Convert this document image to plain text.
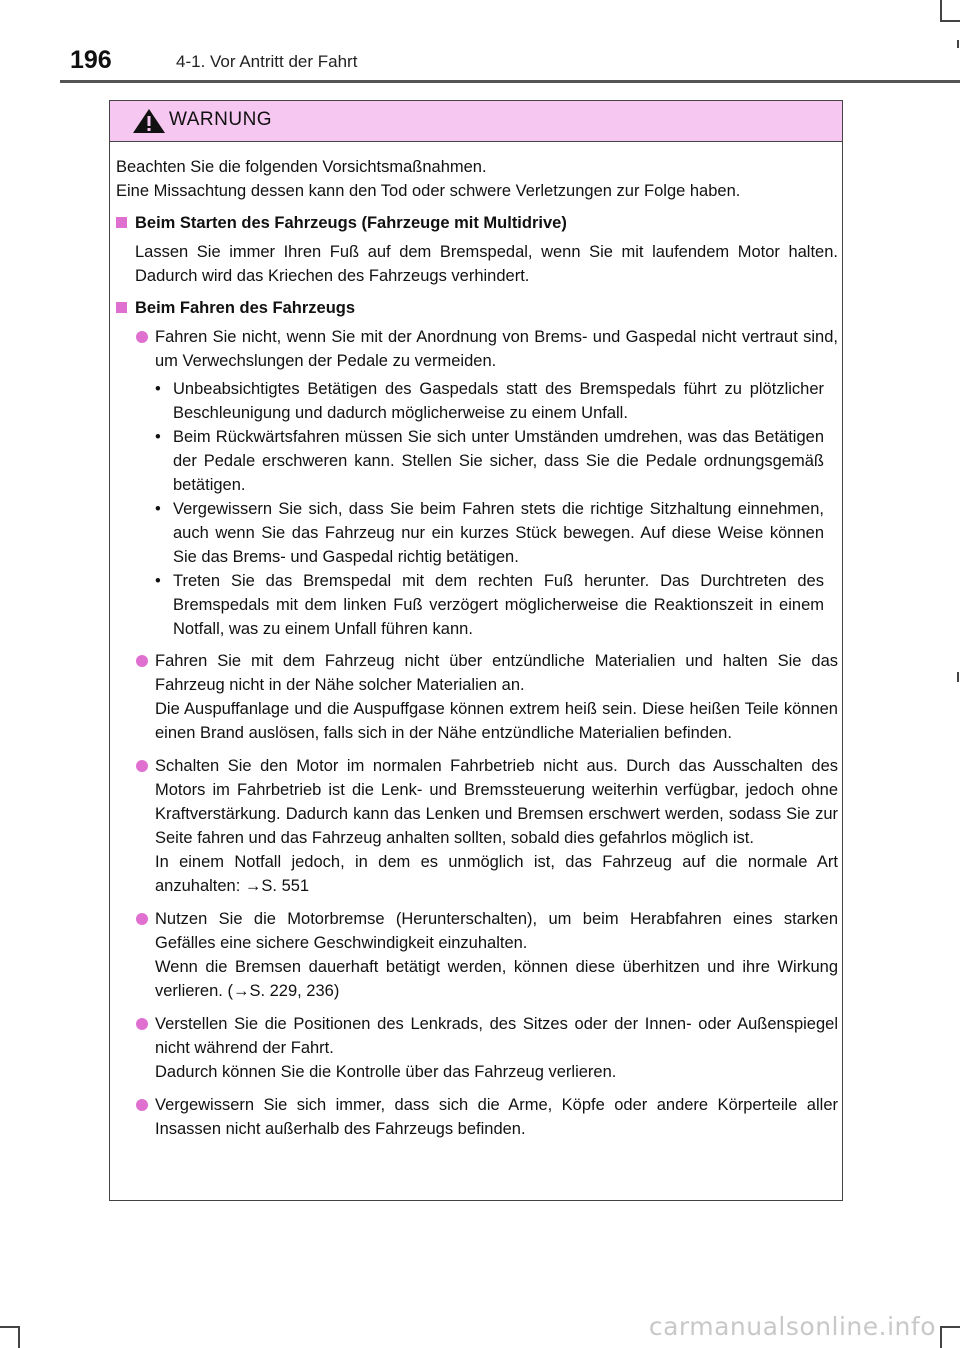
196	4-1. Vor Antritt der Fahrt
WARNUNG

Beachten Sie die folgenden Vorsichtsmaßnahmen.

Eine Missachtung dessen kann den Tod oder schwere Verletzungen zur Folge haben.

Beim Starten des Fahrzeugs (Fahrzeuge mit Multidrive)

Lassen Sie immer Ihren Fuß auf dem Bremspedal, wenn Sie mit laufendem Motor halten. Dadurch wird das Kriechen des Fahrzeugs verhindert.

Beim Fahren des Fahrzeugs
Fahren Sie nicht, wenn Sie mit der Anordnung von Brems- und Gaspedal nicht vertraut sind, um Verwechslungen der Pedale zu vermeiden.
• Unbeabsichtigtes Betätigen des Gaspedals statt des Bremspedals führt zu plötzlicher Beschleunigung und dadurch möglicherweise zu einem Unfall.
• Beim Rückwärtsfahren müssen Sie sich unter Umständen umdrehen, was das Betätigen der Pedale erschweren kann. Stellen Sie sicher, dass Sie die Pedale ordnungsgemäß betätigen.
• Vergewissern Sie sich, dass Sie beim Fahren stets die richtige Sitzhaltung einnehmen, auch wenn Sie das Fahrzeug nur ein kurzes Stück bewegen. Auf diese Weise können Sie das Brems- und Gaspedal richtig betätigen.
• Treten Sie das Bremspedal mit dem rechten Fuß herunter. Das Durchtreten des Bremspedals mit dem linken Fuß verzögert möglicherweise die Reaktionszeit in einem Notfall, was zu einem Unfall führen kann.
Fahren Sie mit dem Fahrzeug nicht über entzündliche Materialien und halten Sie das Fahrzeug nicht in der Nähe solcher Materialien an.
Die Auspuffanlage und die Auspuffgase können extrem heiß sein. Diese heißen Teile können einen Brand auslösen, falls sich in der Nähe entzündliche Materialien befinden.
Schalten Sie den Motor im normalen Fahrbetrieb nicht aus. Durch das Ausschalten des Motors im Fahrbetrieb ist die Lenk- und Bremssteuerung weiterhin verfügbar, jedoch ohne Kraftverstärkung. Dadurch kann das Lenken und Bremsen erschwert werden, sodass Sie zur Seite fahren und das Fahrzeug anhalten sollten, sobald dies gefahrlos möglich ist.
In einem Notfall jedoch, in dem es unmöglich ist, das Fahrzeug auf die normale Art anzuhalten: →S. 551
Nutzen Sie die Motorbremse (Herunterschalten), um beim Herabfahren eines starken Gefälles eine sichere Geschwindigkeit einzuhalten.
Wenn die Bremsen dauerhaft betätigt werden, können diese überhitzen und ihre Wirkung verlieren. (→S. 229, 236)
Verstellen Sie die Positionen des Lenkrads, des Sitzes oder der Innen- oder Außenspiegel nicht während der Fahrt.
Dadurch können Sie die Kontrolle über das Fahrzeug verlieren.
Vergewissern Sie sich immer, dass sich die Arme, Köpfe oder andere Körperteile aller Insassen nicht außerhalb des Fahrzeugs befinden.
carmanualsonline.info
